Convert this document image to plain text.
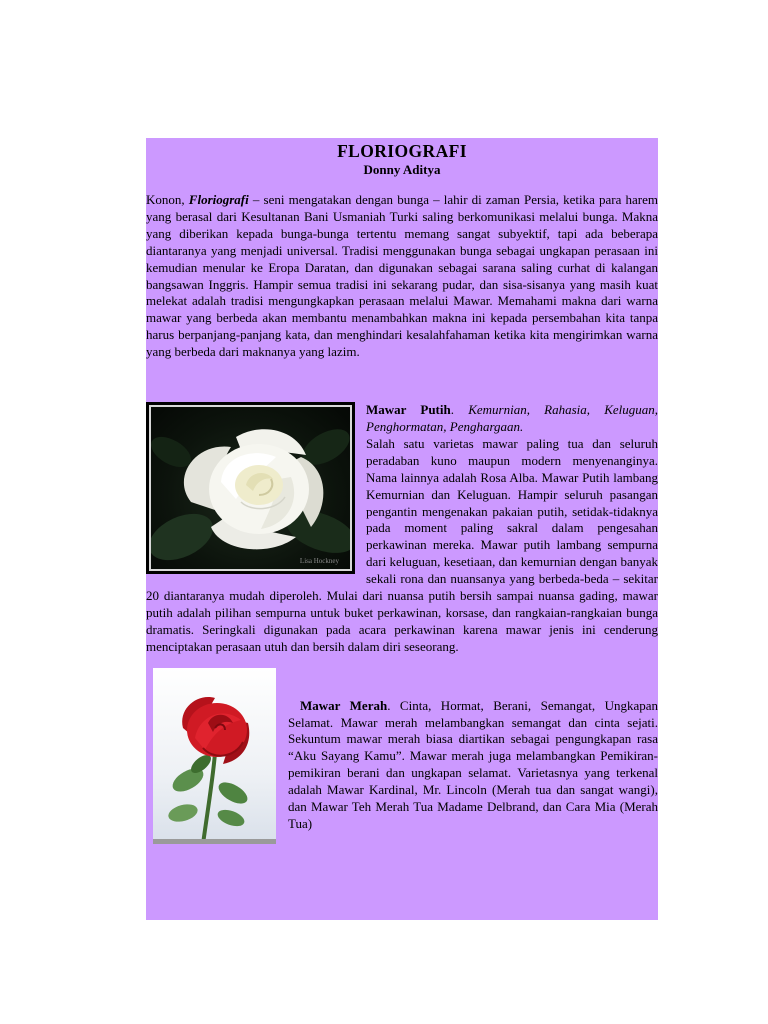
FLORIOGRAFI
Donny Aditya

Konon, Floriografi – seni mengatakan dengan bunga – lahir di zaman Persia, ketika para harem yang berasal dari Kesultanan Bani Usmaniah Turki saling berkomunikasi melalui bunga. Makna yang diberikan kepada bunga-bunga tertentu memang sangat subyektif, tapi ada beberapa diantaranya yang menjadi universal. Tradisi menggunakan bunga sebagai ungkapan perasaan ini kemudian menular ke Eropa Daratan, dan digunakan sebagai sarana saling curhat di kalangan bangsawan Inggris. Hampir semua tradisi ini sekarang pudar, dan sisa-sisanya yang masih kuat melekat adalah tradisi mengungkapkan perasaan melalui Mawar. Memahami makna dari warna mawar yang berbeda akan membantu menambahkan makna ini kepada persembahan kita tanpa harus berpanjang-panjang kata, dan menghindari kesalahfahaman ketika kita mengirimkan warna yang berbeda dari maknanya yang lazim.

Lisa Hockney

Mawar Putih. Kemurnian, Rahasia, Keluguan, Penghormatan, Penghargaan.

Salah satu varietas mawar paling tua dan seluruh peradaban kuno maupun modern menyenanginya. Nama lainnya adalah Rosa Alba. Mawar Putih lambang Kemurnian dan Keluguan. Hampir seluruh pasangan pengantin mengenakan pakaian putih, setidak-tidaknya pada moment paling sakral dalam pengesahan perkawinan mereka. Mawar putih lambang sempurna dari keluguan, kesetiaan, dan kemurnian dengan banyak sekali rona dan nuansanya yang berbeda-beda – sekitar 20 diantaranya mudah diperoleh. Mulai dari nuansa putih bersih sampai nuansa gading, mawar putih adalah pilihan sempurna untuk buket perkawinan, korsase, dan rangkaian-rangkaian bunga dramatis. Seringkali digunakan pada acara perkawinan karena mawar jenis ini cenderung menciptakan perasaan utuh dan bersih dalam diri seseorang.

Mawar Merah. Cinta, Hormat, Berani, Semangat, Ungkapan Selamat. Mawar merah melambangkan semangat dan cinta sejati. Sekuntum mawar merah biasa diartikan sebagai pengungkapan rasa “Aku Sayang Kamu”. Mawar merah juga melambangkan Pemikiran-pemikiran berani dan ungkapan selamat. Varietasnya yang terkenal adalah Mawar Kardinal, Mr. Lincoln (Merah tua dan sangat wangi), dan Mawar Teh Merah Tua Madame Delbrand, dan Cara Mia (Merah Tua)
